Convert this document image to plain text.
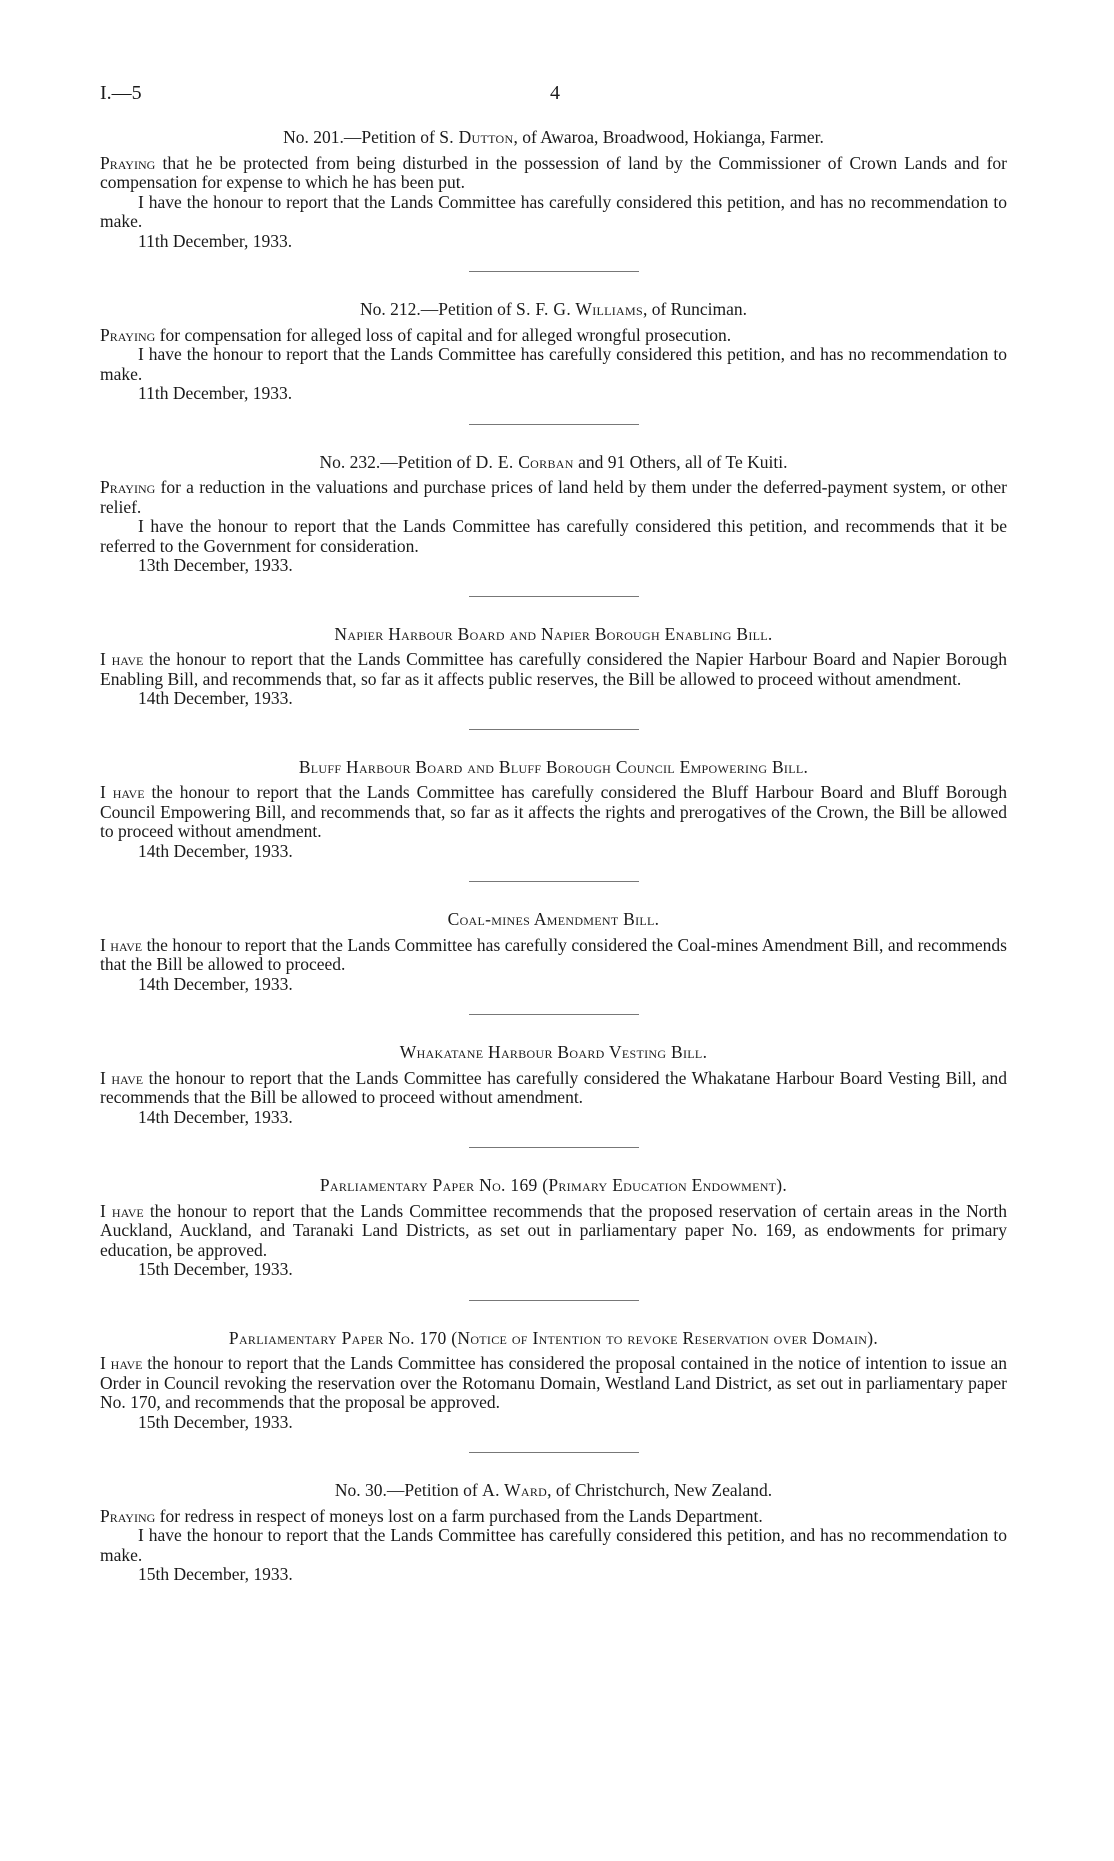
I.—5	4
No. 201.—Petition of S. Dutton, of Awaroa, Broadwood, Hokianga, Farmer.

Praying that he be protected from being disturbed in the possession of land by the Commissioner of Crown Lands and for compensation for expense to which he has been put.

I have the honour to report that the Lands Committee has carefully considered this petition, and has no recommendation to make.

11th December, 1933.
No. 212.—Petition of S. F. G. Williams, of Runciman.

Praying for compensation for alleged loss of capital and for alleged wrongful prosecution.

I have the honour to report that the Lands Committee has carefully considered this petition, and has no recommendation to make.

11th December, 1933.
No. 232.—Petition of D. E. Corban and 91 Others, all of Te Kuiti.

Praying for a reduction in the valuations and purchase prices of land held by them under the deferred-payment system, or other relief.

I have the honour to report that the Lands Committee has carefully considered this petition, and recommends that it be referred to the Government for consideration.

13th December, 1933.
Napier Harbour Board and Napier Borough Enabling Bill.

I have the honour to report that the Lands Committee has carefully considered the Napier Harbour Board and Napier Borough Enabling Bill, and recommends that, so far as it affects public reserves, the Bill be allowed to proceed without amendment.

14th December, 1933.
Bluff Harbour Board and Bluff Borough Council Empowering Bill.

I have the honour to report that the Lands Committee has carefully considered the Bluff Harbour Board and Bluff Borough Council Empowering Bill, and recommends that, so far as it affects the rights and prerogatives of the Crown, the Bill be allowed to proceed without amendment.

14th December, 1933.
Coal-mines Amendment Bill.

I have the honour to report that the Lands Committee has carefully considered the Coal-mines Amendment Bill, and recommends that the Bill be allowed to proceed.

14th December, 1933.
Whakatane Harbour Board Vesting Bill.

I have the honour to report that the Lands Committee has carefully considered the Whakatane Harbour Board Vesting Bill, and recommends that the Bill be allowed to proceed without amendment.

14th December, 1933.
Parliamentary Paper No. 169 (Primary Education Endowment).

I have the honour to report that the Lands Committee recommends that the proposed reservation of certain areas in the North Auckland, Auckland, and Taranaki Land Districts, as set out in parliamentary paper No. 169, as endowments for primary education, be approved.

15th December, 1933.
Parliamentary Paper No. 170 (Notice of Intention to revoke Reservation over Domain).

I have the honour to report that the Lands Committee has considered the proposal contained in the notice of intention to issue an Order in Council revoking the reservation over the Rotomanu Domain, Westland Land District, as set out in parliamentary paper No. 170, and recommends that the proposal be approved.

15th December, 1933.
No. 30.—Petition of A. Ward, of Christchurch, New Zealand.

Praying for redress in respect of moneys lost on a farm purchased from the Lands Department.

I have the honour to report that the Lands Committee has carefully considered this petition, and has no recommendation to make.

15th December, 1933.
